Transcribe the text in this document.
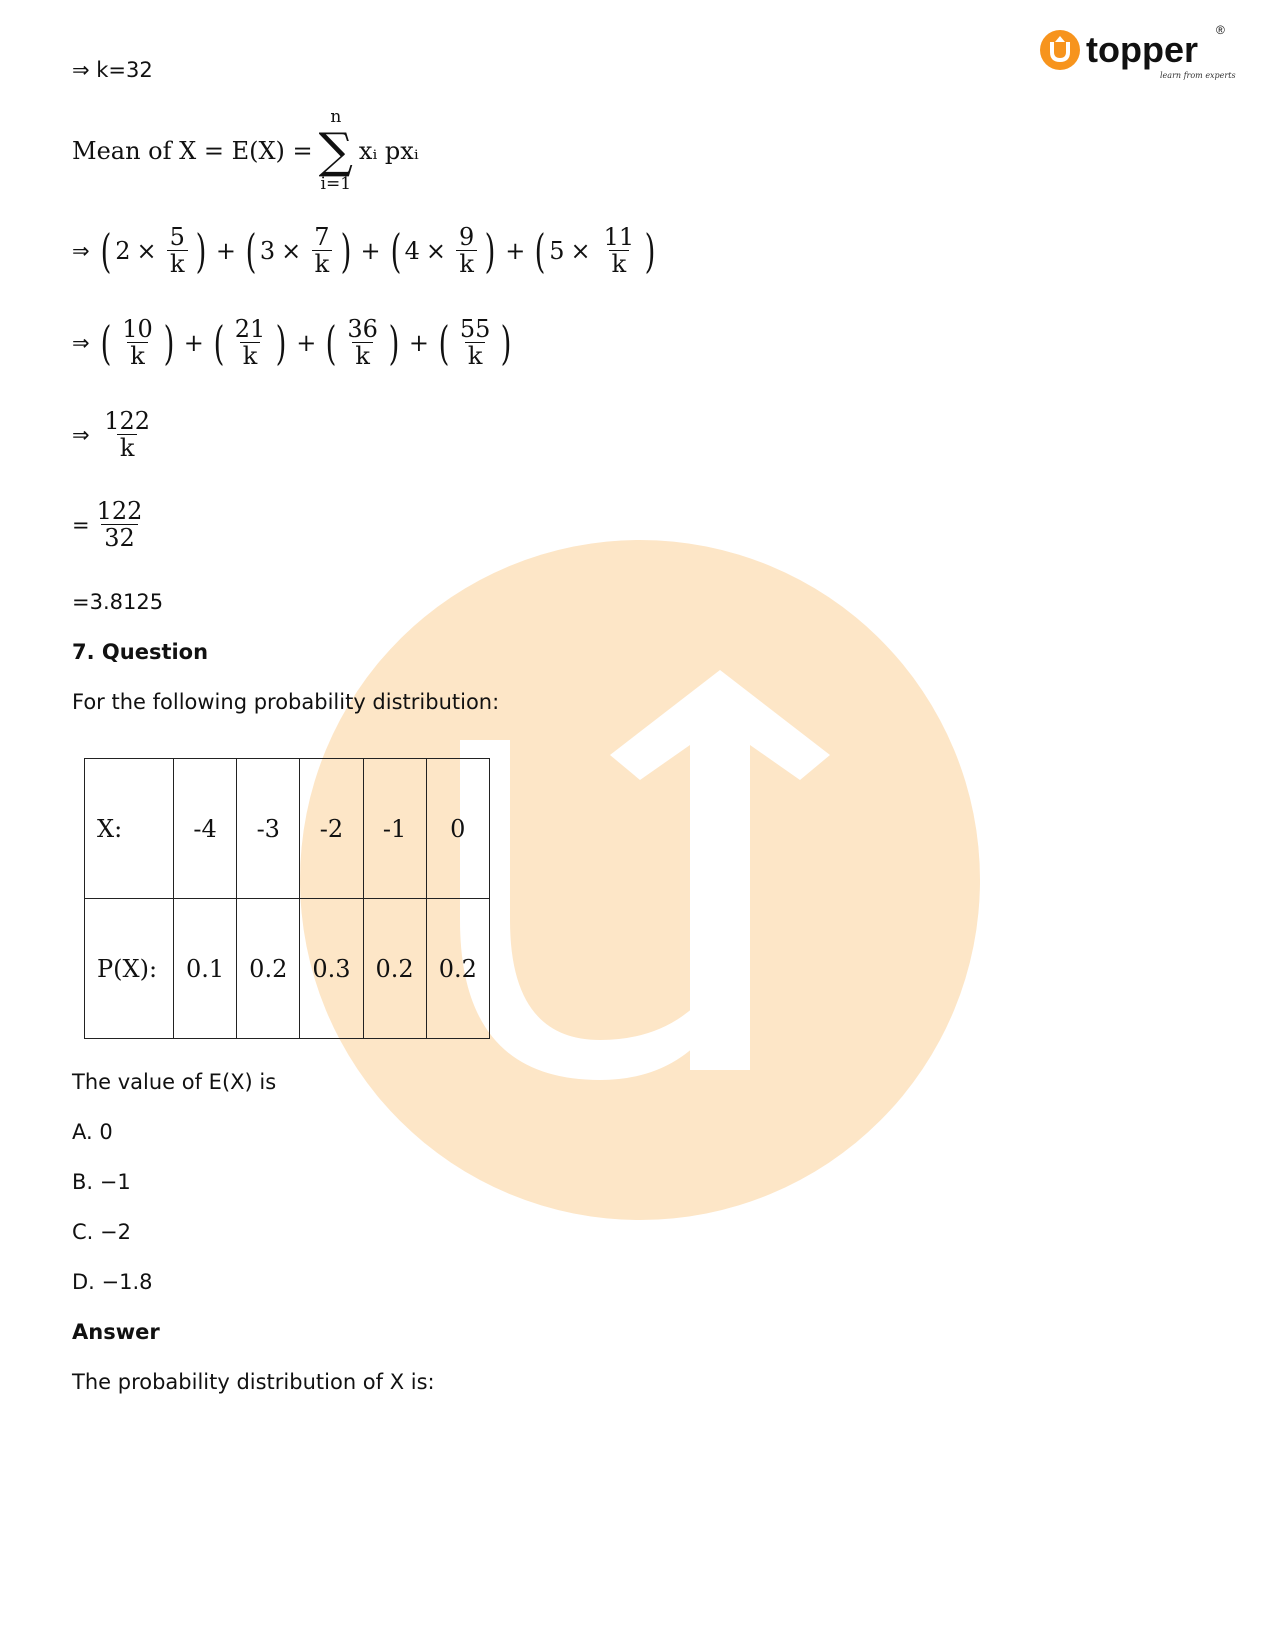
topper ®
learn from experts
⇒ k=32
Mean of X = E(X) =
n
∑
i=1
xᵢ pxᵢ
⇒
( $2 \times \frac{5}{k}$ ) + ( $3 \times \frac{7}{k}$ ) + ( $4 \times \frac{9}{k}$ ) + ( $5 \times \frac{11}{k}$ )
⇒
( $\frac{10}{k}$ ) + ( $\frac{21}{k}$ ) + ( $\frac{36}{k}$ ) + ( $\frac{55}{k}$ )
⇒
$\frac{122}{k}$
= $\frac{122}{32}$
=3.8125
7. Question
For the following probability distribution:
X:	-4	-3	-2	-1	0
P(X):	0.1	0.2	0.3	0.2	0.2
The value of E(X) is
A. 0
B. −1
C. −2
D. −1.8
Answer
The probability distribution of X is:
